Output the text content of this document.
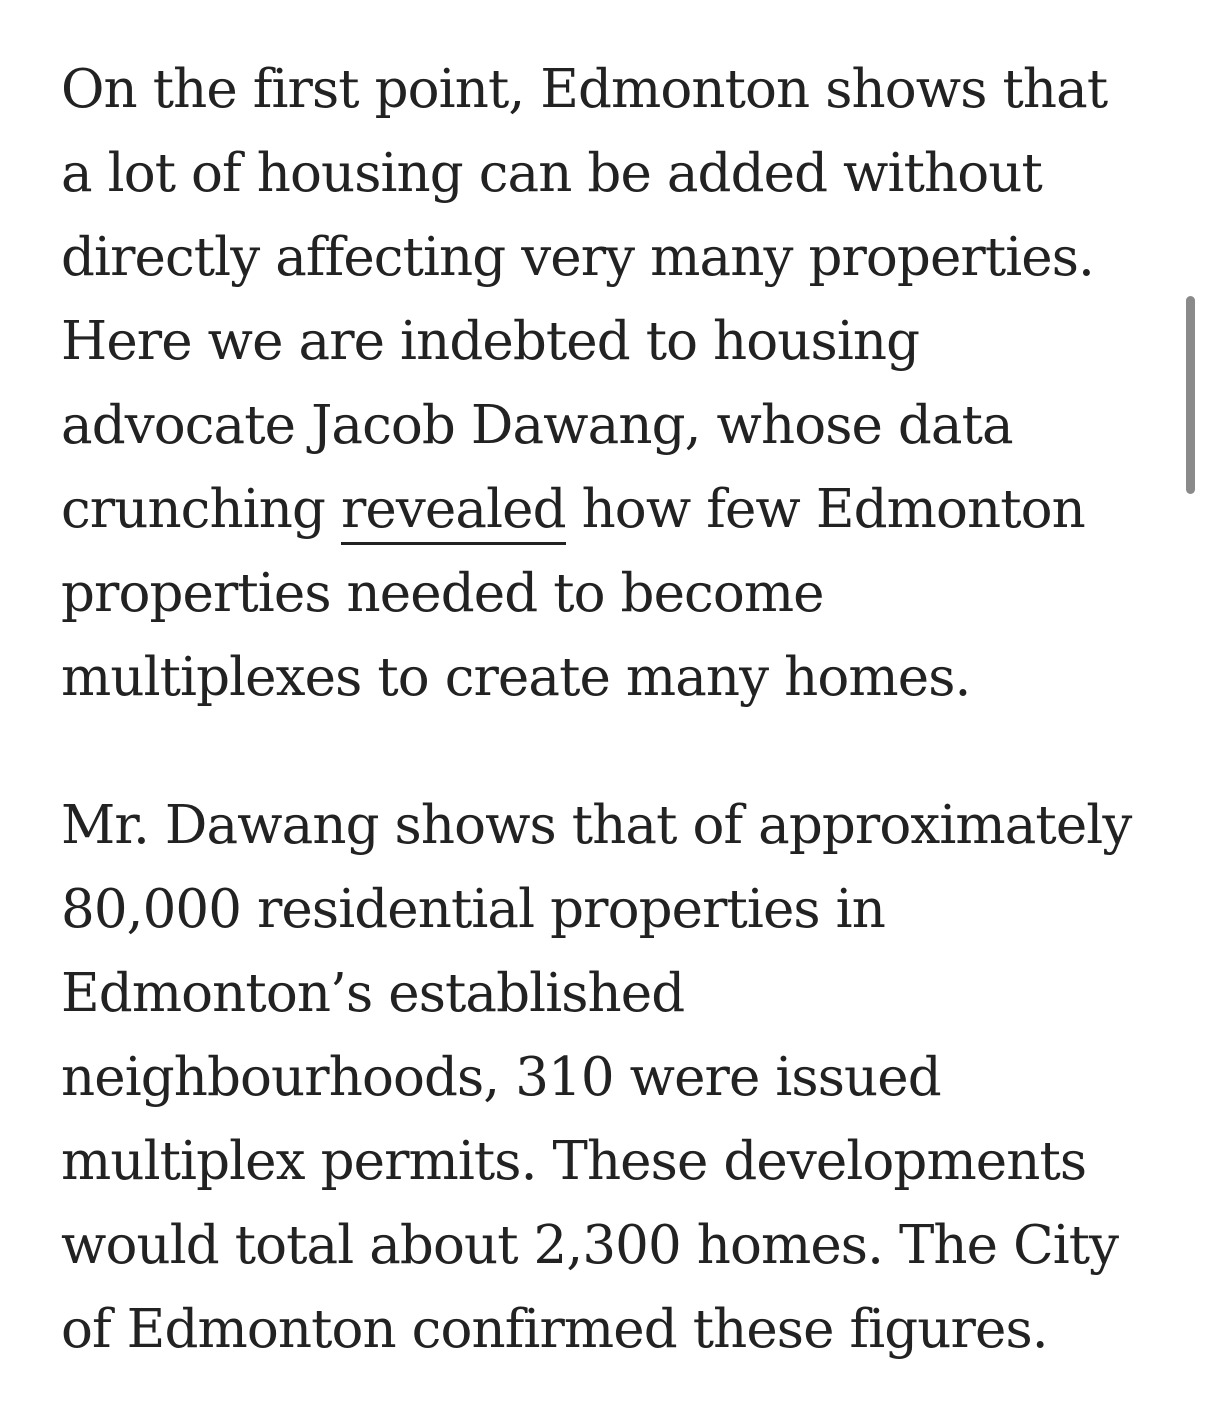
On the first point, Edmonton shows that
a lot of housing can be added without
directly affecting very many properties.
Here we are indebted to housing
advocate Jacob Dawang, whose data
crunching revealed how few Edmonton
properties needed to become
multiplexes to create many homes.

Mr. Dawang shows that of approximately
80,000 residential properties in
Edmonton’s established
neighbourhoods, 310 were issued
multiplex permits. These developments
would total about 2,300 homes. The City
of Edmonton confirmed these figures.
